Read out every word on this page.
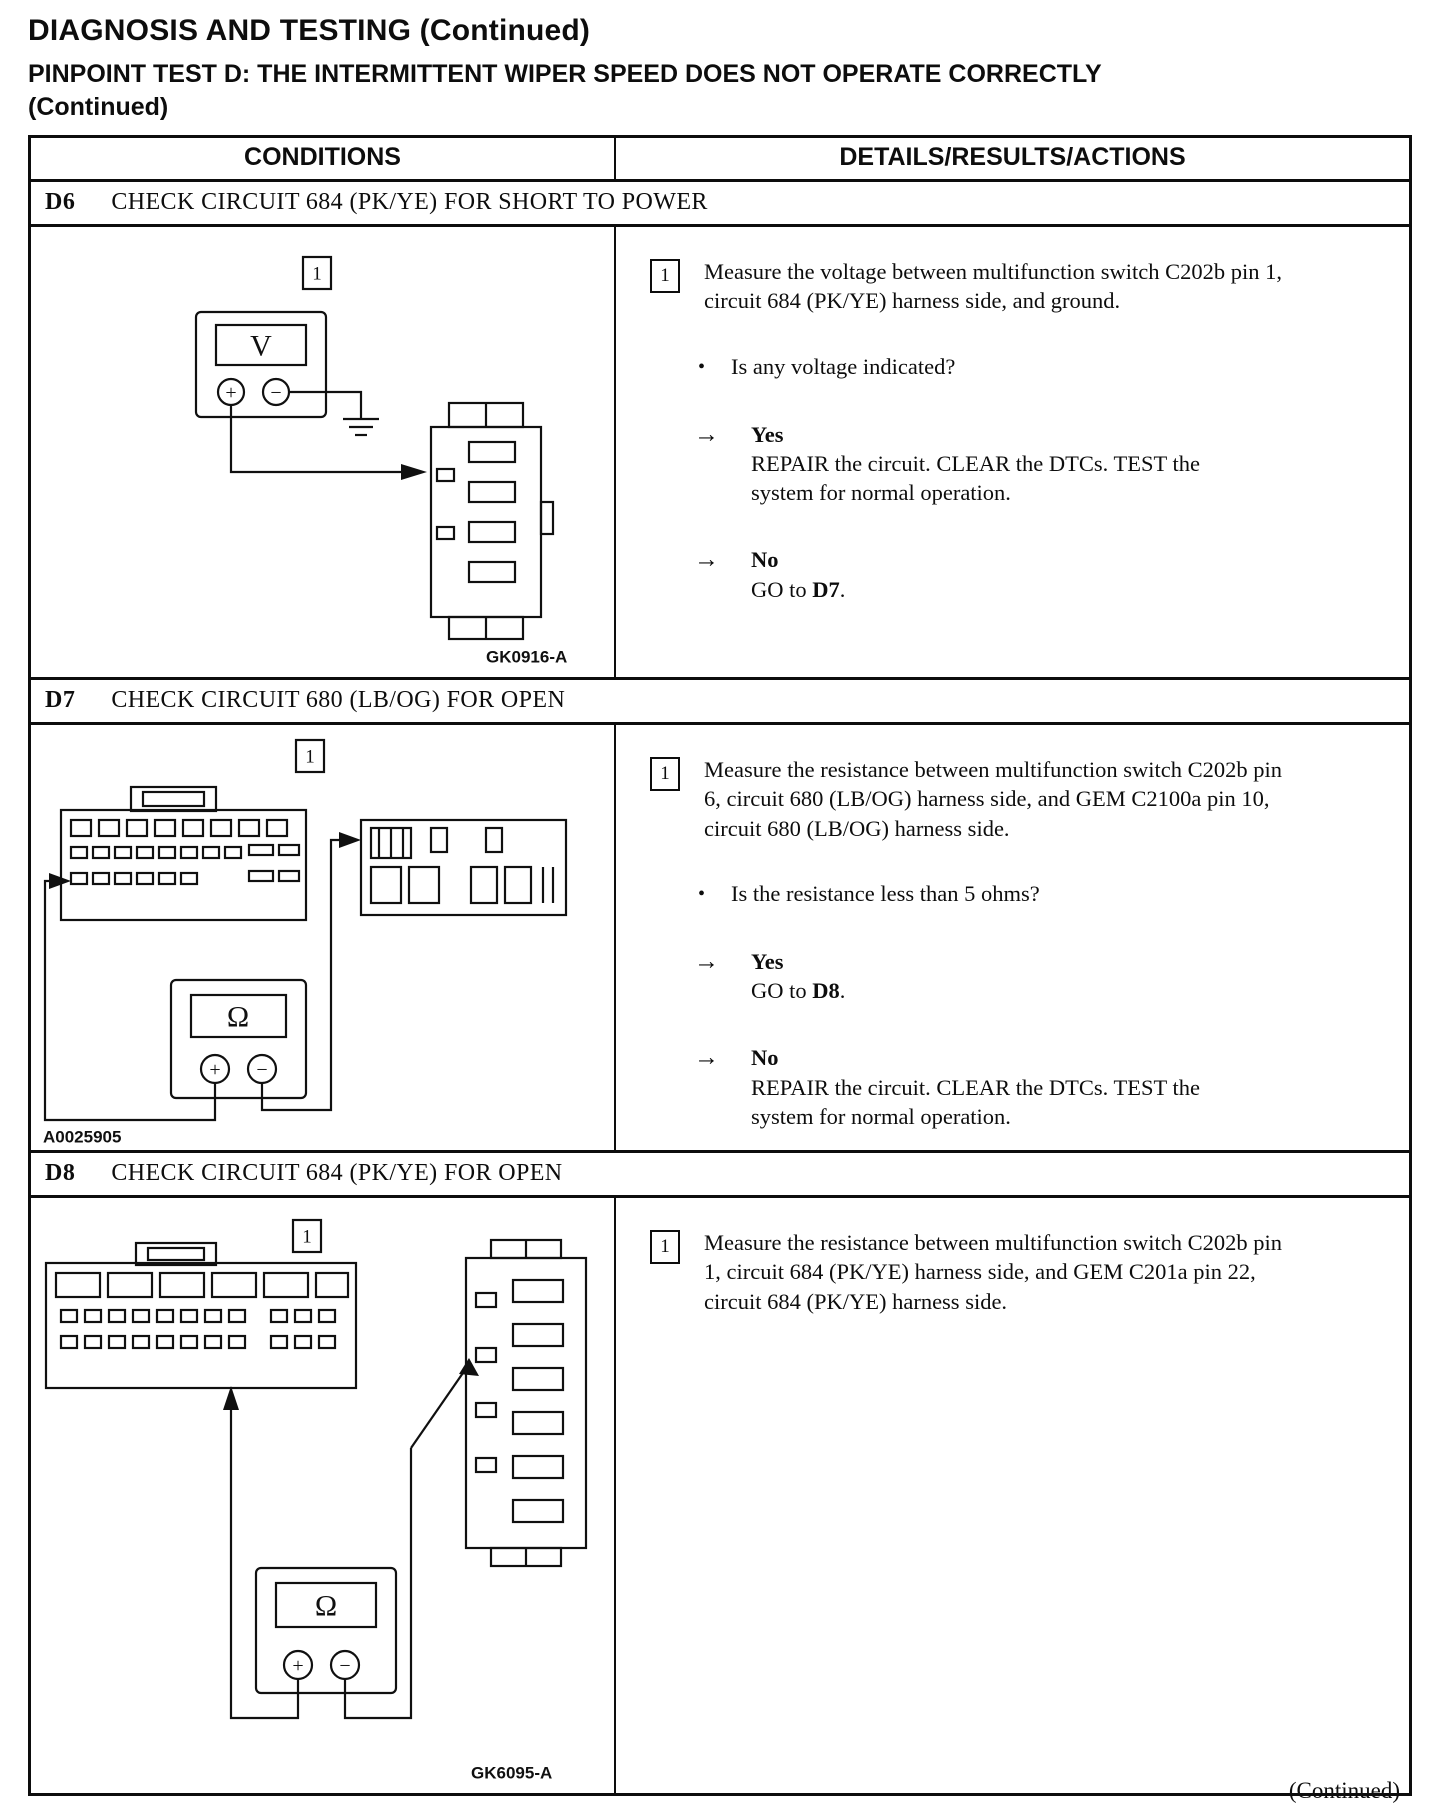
DIAGNOSIS AND TESTING (Continued)
PINPOINT TEST D: THE INTERMITTENT WIPER SPEED DOES NOT OPERATE CORRECTLY
(Continued)
CONDITIONS	DETAILS/RESULTS/ACTIONS
D6 CHECK CIRCUIT 684 (PK/YE) FOR SHORT TO POWER
1
V
+ −
GK0916-A
1	Measure the voltage between multifunction switch C202b pin 1, circuit 684 (PK/YE) harness side, and ground.
• Is any voltage indicated?
→ Yes
REPAIR the circuit. CLEAR the DTCs. TEST the system for normal operation.
→ No
GO to D7.
D7 CHECK CIRCUIT 680 (LB/OG) FOR OPEN
1
Ω
+ −
A0025905
1	Measure the resistance between multifunction switch C202b pin 6, circuit 680 (LB/OG) harness side, and GEM C2100a pin 10, circuit 680 (LB/OG) harness side.
• Is the resistance less than 5 ohms?
→ Yes
GO to D8.
→ No
REPAIR the circuit. CLEAR the DTCs. TEST the system for normal operation.
D8 CHECK CIRCUIT 684 (PK/YE) FOR OPEN
1
Ω
+ −
GK6095-A
1	Measure the resistance between multifunction switch C202b pin 1, circuit 684 (PK/YE) harness side, and GEM C201a pin 22, circuit 684 (PK/YE) harness side.
(Continued)
